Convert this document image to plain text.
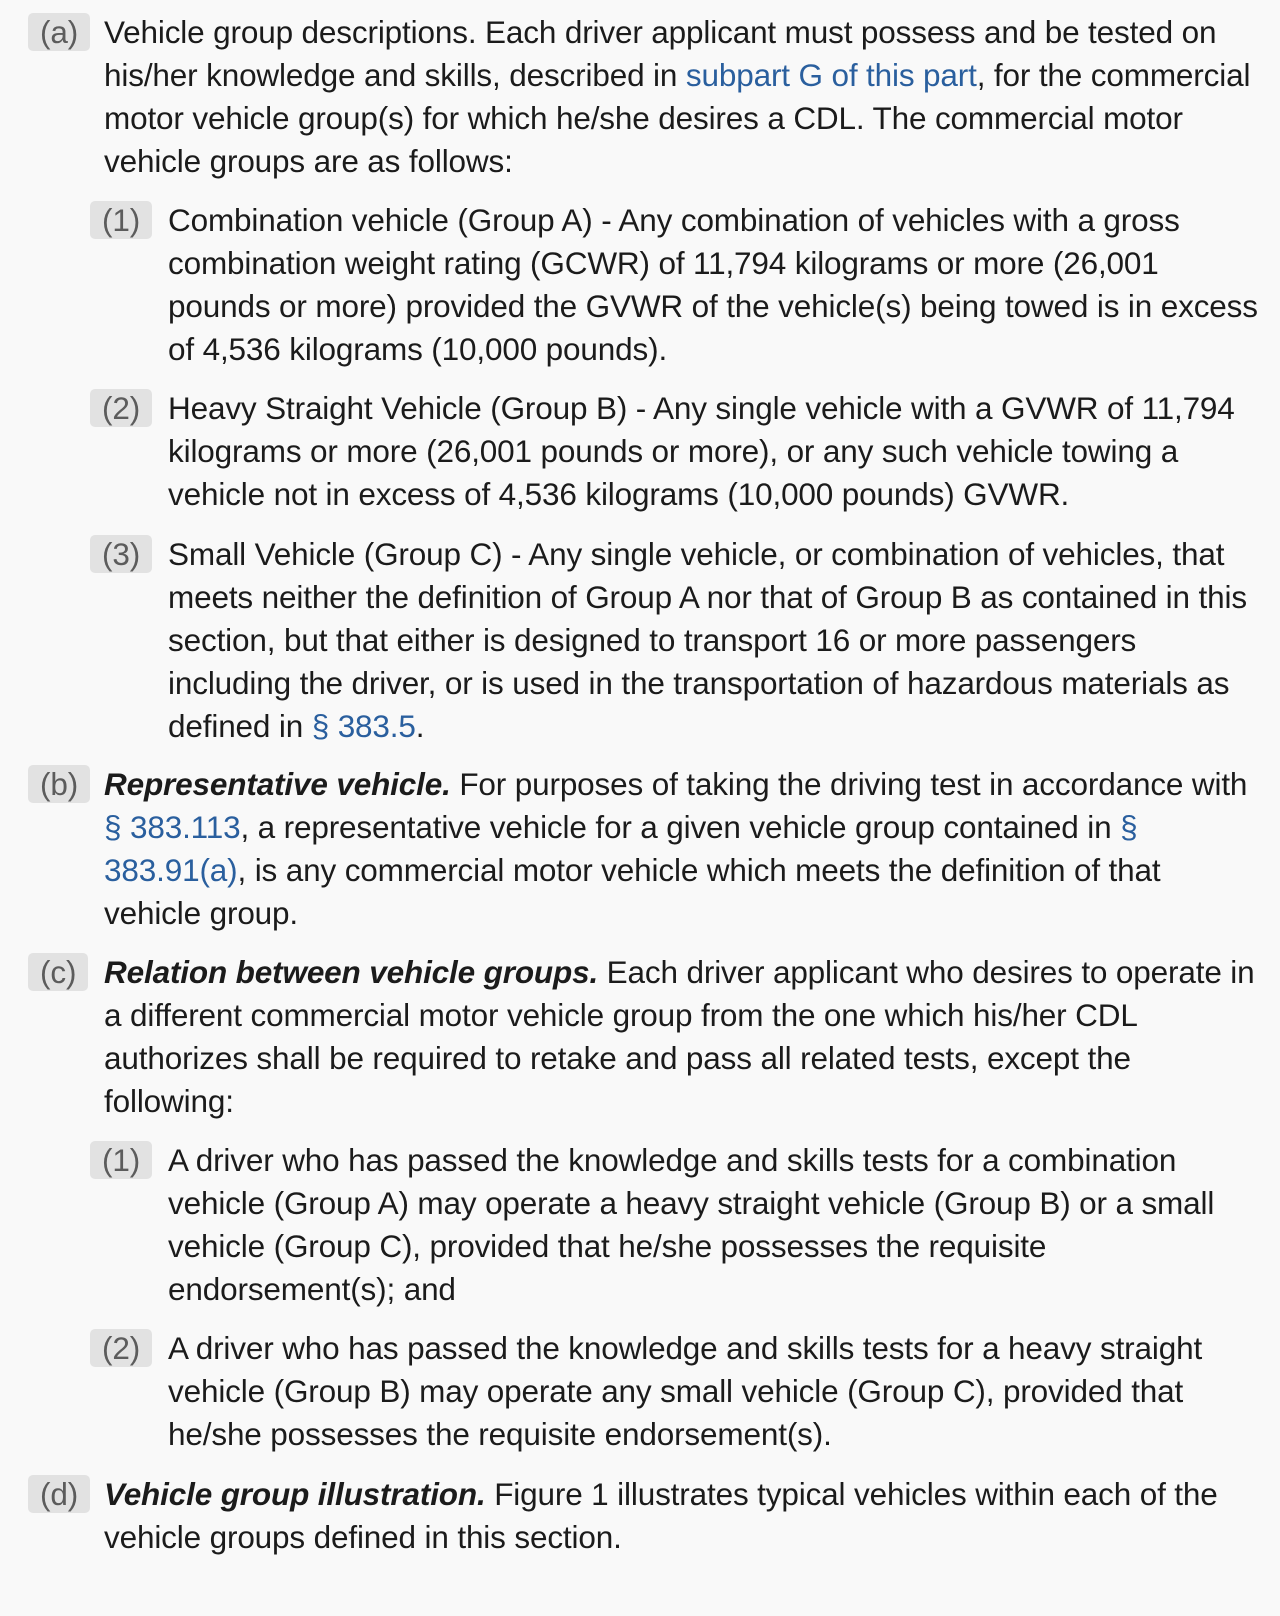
(a) Vehicle group descriptions. Each driver applicant must possess and be tested on his/her knowledge and skills, described in subpart G of this part, for the commercial motor vehicle group(s) for which he/she desires a CDL. The commercial motor vehicle groups are as follows:

(1) Combination vehicle (Group A) - Any combination of vehicles with a gross combination weight rating (GCWR) of 11,794 kilograms or more (26,001 pounds or more) provided the GVWR of the vehicle(s) being towed is in excess of 4,536 kilograms (10,000 pounds).

(2) Heavy Straight Vehicle (Group B) - Any single vehicle with a GVWR of 11,794 kilograms or more (26,001 pounds or more), or any such vehicle towing a vehicle not in excess of 4,536 kilograms (10,000 pounds) GVWR.

(3) Small Vehicle (Group C) - Any single vehicle, or combination of vehicles, that meets neither the definition of Group A nor that of Group B as contained in this section, but that either is designed to transport 16 or more passengers including the driver, or is used in the transportation of hazardous materials as defined in § 383.5.

(b) Representative vehicle. For purposes of taking the driving test in accordance with § 383.113, a representative vehicle for a given vehicle group contained in § 383.91(a), is any commercial motor vehicle which meets the definition of that vehicle group.

(c) Relation between vehicle groups. Each driver applicant who desires to operate in a different commercial motor vehicle group from the one which his/her CDL authorizes shall be required to retake and pass all related tests, except the following:

(1) A driver who has passed the knowledge and skills tests for a combination vehicle (Group A) may operate a heavy straight vehicle (Group B) or a small vehicle (Group C), provided that he/she possesses the requisite endorsement(s); and

(2) A driver who has passed the knowledge and skills tests for a heavy straight vehicle (Group B) may operate any small vehicle (Group C), provided that he/she possesses the requisite endorsement(s).

(d) Vehicle group illustration. Figure 1 illustrates typical vehicles within each of the vehicle groups defined in this section.
